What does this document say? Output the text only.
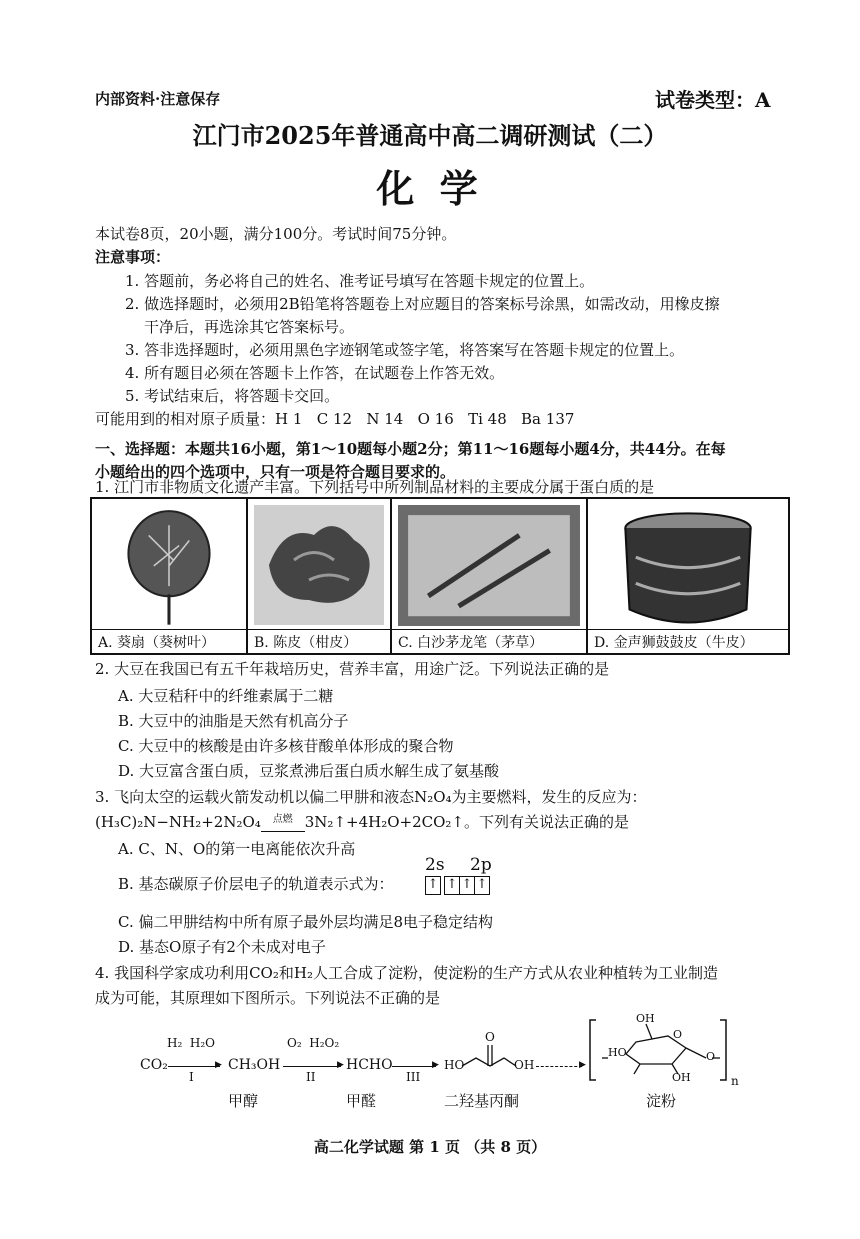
内部资料·注意保存	试卷类型：A
江门市2025年普通高中高二调研测试（二）
化 学
本试卷8页，20小题，满分100分。考试时间75分钟。
注意事项：
1. 答题前，务必将自己的姓名、准考证号填写在答题卡规定的位置上。
2. 做选择题时，必须用2B铅笔将答题卷上对应题目的答案标号涂黑，如需改动，用橡皮擦
干净后，再选涂其它答案标号。
3. 答非选择题时，必须用黑色字迹钢笔或签字笔，将答案写在答题卡规定的位置上。
4. 所有题目必须在答题卡上作答，在试题卷上作答无效。
5. 考试结束后，将答题卡交回。
可能用到的相对原子质量：H 1   C 12   N 14   O 16   Ti 48   Ba 137
一、选择题：本题共16小题，第1～10题每小题2分；第11～16题每小题4分，共44分。在每
小题给出的四个选项中，只有一项是符合题目要求的。
1. 江门市非物质文化遗产丰富。下列括号中所列制品材料的主要成分属于蛋白质的是
A. 葵扇（葵树叶）	B. 陈皮（柑皮）	C. 白沙茅龙笔（茅草）	D. 金声狮鼓鼓皮（牛皮）
2. 大豆在我国已有五千年栽培历史，营养丰富，用途广泛。下列说法正确的是
A. 大豆秸秆中的纤维素属于二糖
B. 大豆中的油脂是天然有机高分子
C. 大豆中的核酸是由许多核苷酸单体形成的聚合物
D. 大豆富含蛋白质，豆浆煮沸后蛋白质水解生成了氨基酸
3. 飞向太空的运载火箭发动机以偏二甲肼和液态N₂O₄为主要燃料，发生的反应为：
(H₃C)₂N−NH₂+2N₂O₄	点燃 3N₂↑+4H₂O+2CO₂↑。下列有关说法正确的是
A. C、N、O的第一电离能依次升高
B. 基态碳原子价层电子的轨道表示式为：
2s 2p
↑ ↑ ↑ ↑
C. 偏二甲肼结构中所有原子最外层均满足8电子稳定结构
D. 基态O原子有2个未成对电子
4. 我国科学家成功利用CO₂和H₂人工合成了淀粉，使淀粉的生产方式从农业种植转为工业制造
成为可能，其原理如下图所示。下列说法不正确的是
CO₂
H₂  H₂O
▶
I
CH₃OH
O₂  H₂O₂
▶
II
HCHO	▶
III
HO
O
OH	▶
OH
HO
O
O
OH	n
甲醇	甲醛	二羟基丙酮	淀粉
高二化学试题 第 1 页 （共 8 页）
